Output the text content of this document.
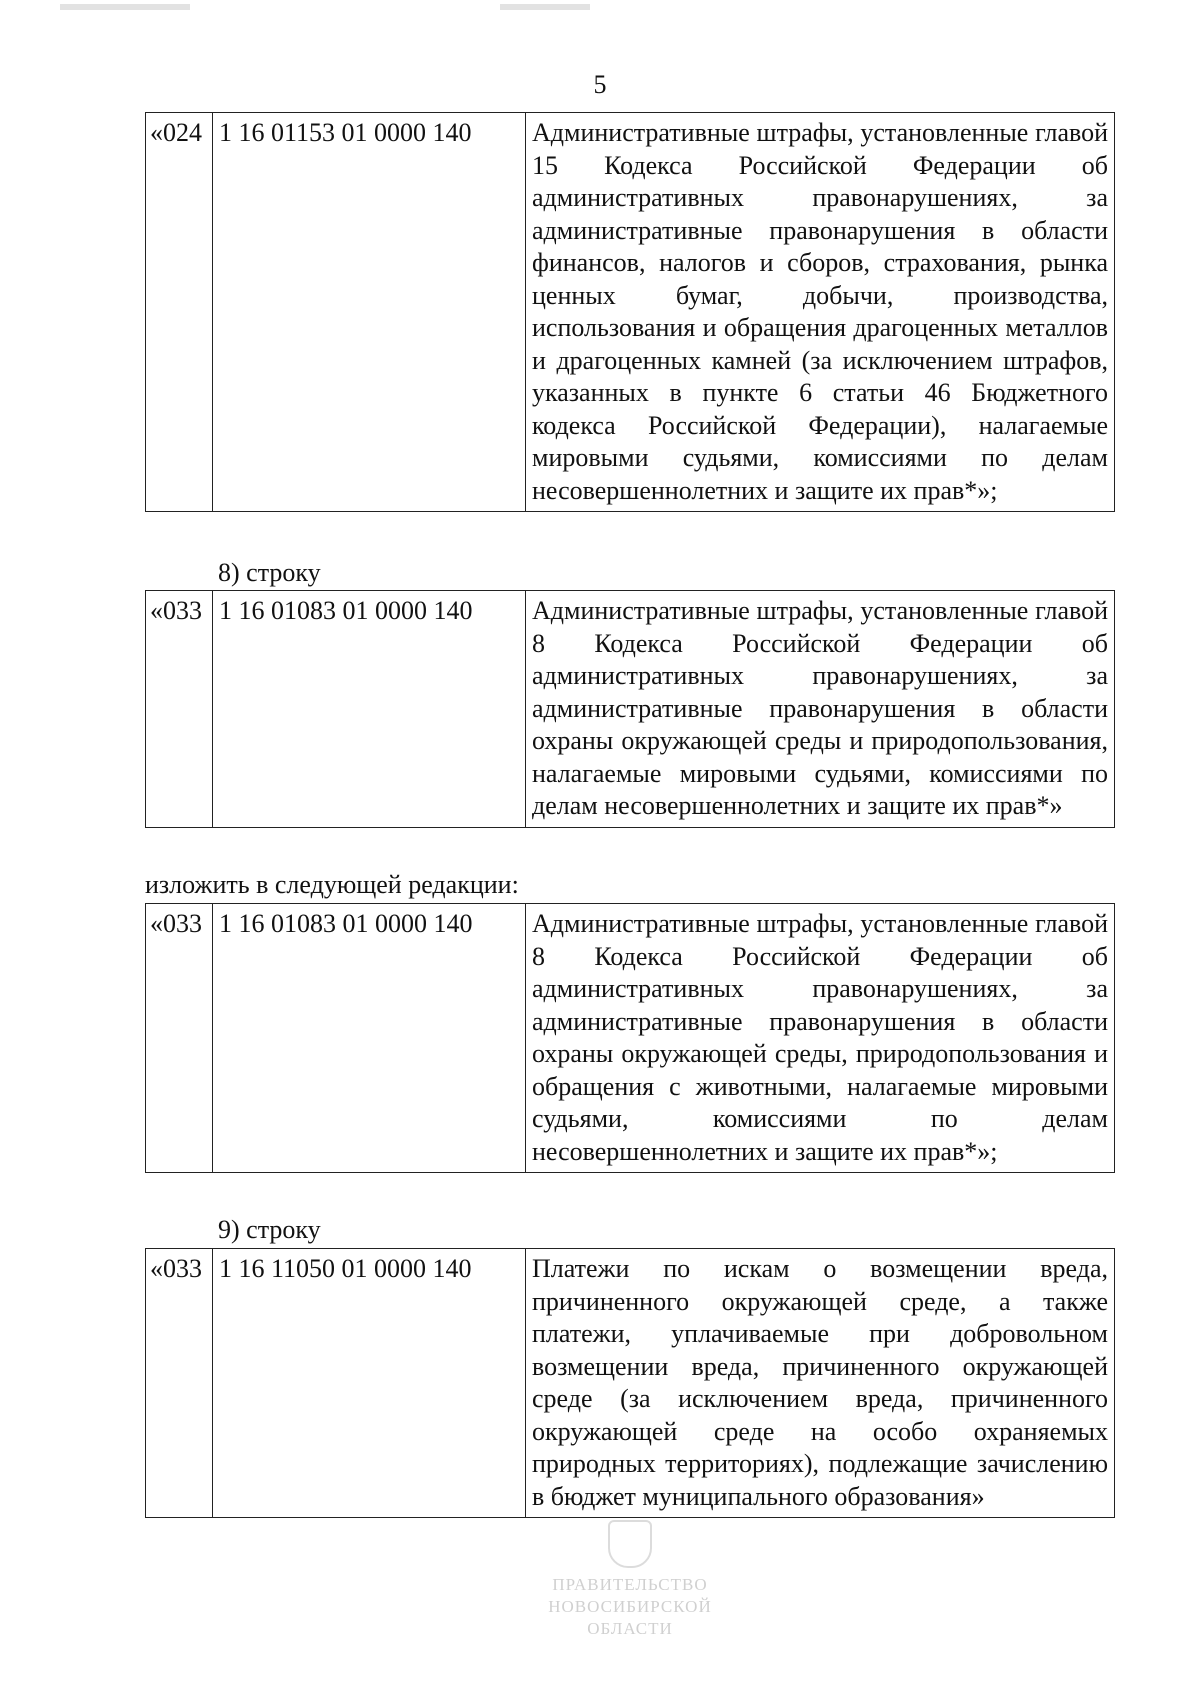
5
«024	1 16 01153 01 0000 140	Административные штрафы, установленные главой 15 Кодекса Российской Федерации об административных правонарушениях, за административные правонарушения в области финансов, налогов и сборов, страхования, рынка ценных бумаг, добычи, производства, использования и обращения драгоценных металлов и драгоценных камней (за исключением штрафов, указанных в пункте 6 статьи 46 Бюджетного кодекса Российской Федерации), налагаемые мировыми судьями, комиссиями по делам несовершеннолетних и защите их прав*»;
8) строку
«033	1 16 01083 01 0000 140	Административные штрафы, установленные главой 8 Кодекса Российской Федерации об административных правонарушениях, за административные правонарушения в области охраны окружающей среды и природопользования, налагаемые мировыми судьями, комиссиями по делам несовершеннолетних и защите их прав*»
изложить в следующей редакции:
«033	1 16 01083 01 0000 140	Административные штрафы, установленные главой 8 Кодекса Российской Федерации об административных правонарушениях, за административные правонарушения в области охраны окружающей среды, природопользования и обращения с животными, налагаемые мировыми судьями, комиссиями по делам несовершеннолетних и защите их прав*»;
9) строку
«033	1 16 11050 01 0000 140	Платежи по искам о возмещении вреда, причиненного окружающей среде, а также платежи, уплачиваемые при добровольном возмещении вреда, причиненного окружающей среде (за исключением вреда, причиненного окружающей среде на особо охраняемых природных территориях), подлежащие зачислению в бюджет муниципального образования»
ПРАВИТЕЛЬСТВО
НОВОСИБИРСКОЙ ОБЛАСТИ
